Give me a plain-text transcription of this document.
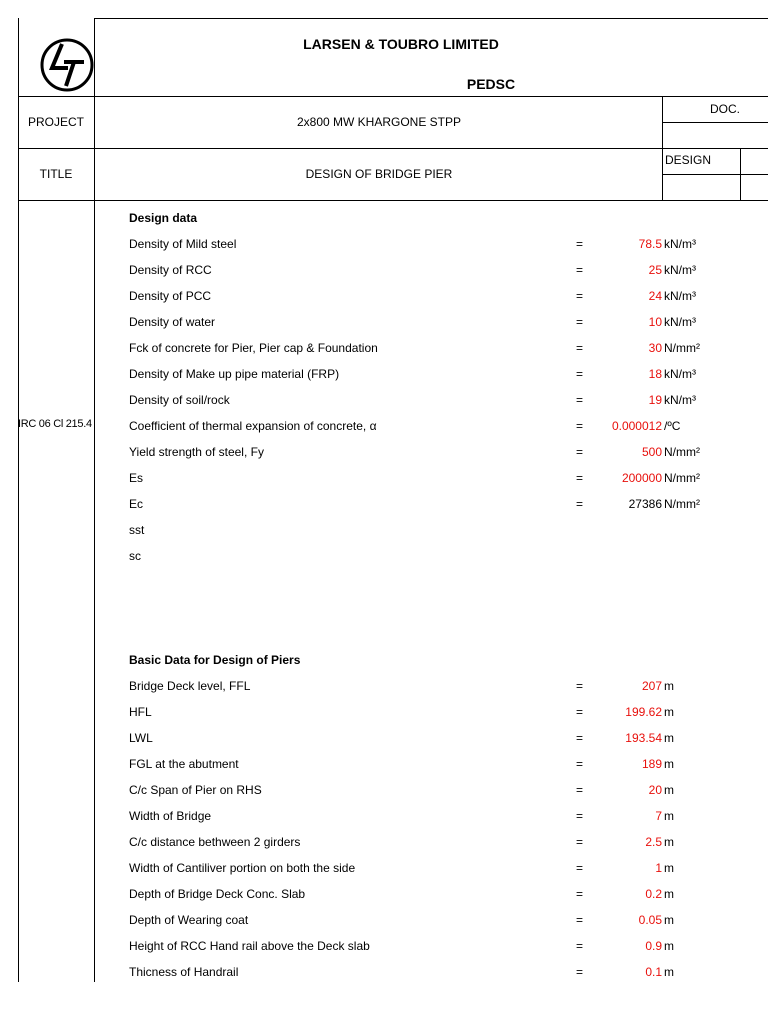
LARSEN & TOUBRO LIMITED
PEDSC
PROJECT	2x800 MW KHARGONE STPP
DOC.
TITLE	DESIGN OF BRIDGE PIER
DESIGN
IRC 06 Cl 215.4
Design data
Basic Data for Design of Piers
Density of Mild steel	=	78.5 kN/m³
Density of RCC	=	25 kN/m³
Density of PCC	=	24 kN/m³
Density of water	=	10 kN/m³
Fck of concrete for Pier, Pier cap & Foundation	=	30 N/mm²
Density of Make up pipe material (FRP)	=	18 kN/m³
Density of soil/rock	=	19 kN/m³
Coefficient of thermal expansion of concrete, α	= 0.000012 /ºC
Yield strength of steel, Fy	=	500 N/mm²
Es	=	200000 N/mm²
Ec	=	27386 N/mm²
sst
sc
Bridge Deck level, FFL	=	207 m
HFL	=	199.62 m
LWL	=	193.54 m
FGL at the abutment	=	189 m
C/c Span of Pier on RHS	=	20 m
Width of Bridge	=	7 m
C/c distance bethween 2 girders	=	2.5 m
Width of Cantiliver portion on both the side	=	1 m
Depth of Bridge Deck Conc. Slab	=	0.2 m
Depth of Wearing coat	=	0.05 m
Height of RCC Hand rail above the Deck slab	=	0.9 m
Thicness of Handrail	=	0.1 m
